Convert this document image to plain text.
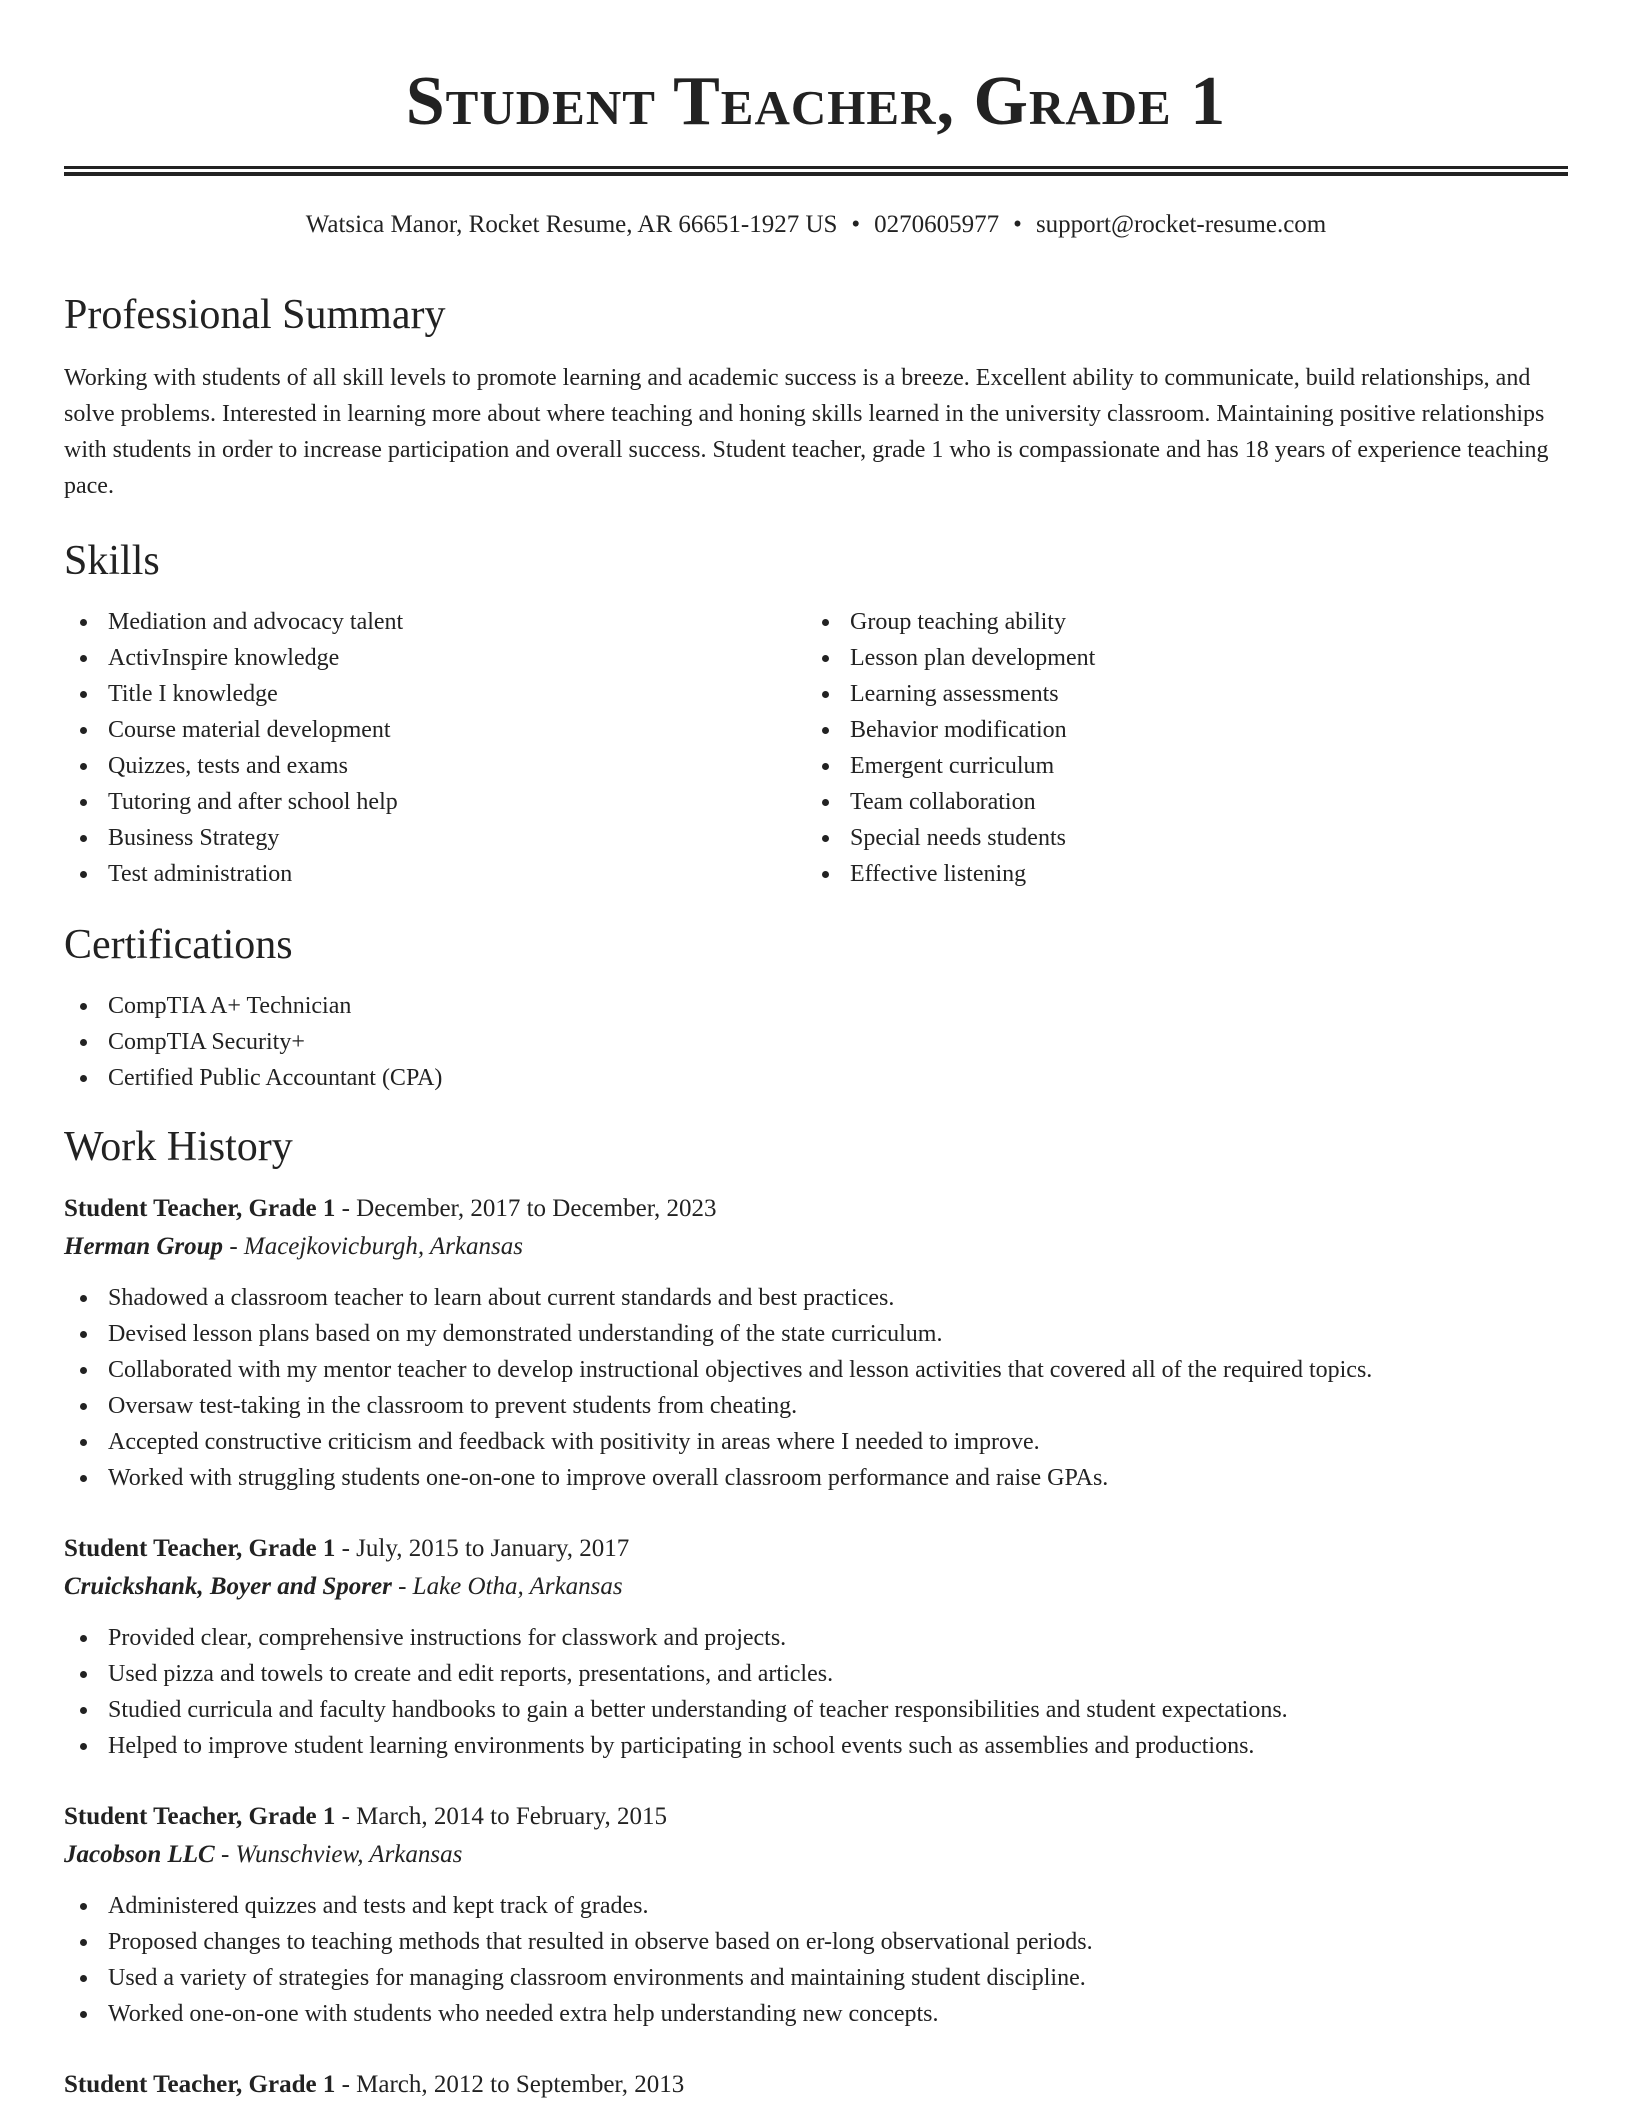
Student Teacher, Grade 1
Watsica Manor, Rocket Resume, AR 66651-1927 US • 0270605977 • support@rocket-resume.com
Professional Summary

Working with students of all skill levels to promote learning and academic success is a breeze. Excellent ability to communicate, build relationships, and solve problems. Interested in learning more about where teaching and honing skills learned in the university classroom. Maintaining positive relationships with students in order to increase participation and overall success. Student teacher, grade 1 who is compassionate and has 18 years of experience teaching pace.

Skills
Mediation and advocacy talent
ActivInspire knowledge
Title I knowledge
Course material development
Quizzes, tests and exams
Tutoring and after school help
Business Strategy
Test administration
Group teaching ability
Lesson plan development
Learning assessments
Behavior modification
Emergent curriculum
Team collaboration
Special needs students
Effective listening
Certifications
CompTIA A+ Technician
CompTIA Security+
Certified Public Accountant (CPA)
Work History
Student Teacher, Grade 1 - December, 2017 to December, 2023
Herman Group - Macejkovicburgh, Arkansas
Shadowed a classroom teacher to learn about current standards and best practices.
Devised lesson plans based on my demonstrated understanding of the state curriculum.
Collaborated with my mentor teacher to develop instructional objectives and lesson activities that covered all of the required topics.
Oversaw test-taking in the classroom to prevent students from cheating.
Accepted constructive criticism and feedback with positivity in areas where I needed to improve.
Worked with struggling students one-on-one to improve overall classroom performance and raise GPAs.
Student Teacher, Grade 1 - July, 2015 to January, 2017
Cruickshank, Boyer and Sporer - Lake Otha, Arkansas
Provided clear, comprehensive instructions for classwork and projects.
Used pizza and towels to create and edit reports, presentations, and articles.
Studied curricula and faculty handbooks to gain a better understanding of teacher responsibilities and student expectations.
Helped to improve student learning environments by participating in school events such as assemblies and productions.
Student Teacher, Grade 1 - March, 2014 to February, 2015
Jacobson LLC - Wunschview, Arkansas
Administered quizzes and tests and kept track of grades.
Proposed changes to teaching methods that resulted in observe based on er-long observational periods.
Used a variety of strategies for managing classroom environments and maintaining student discipline.
Worked one-on-one with students who needed extra help understanding new concepts.
Student Teacher, Grade 1 - March, 2012 to September, 2013
